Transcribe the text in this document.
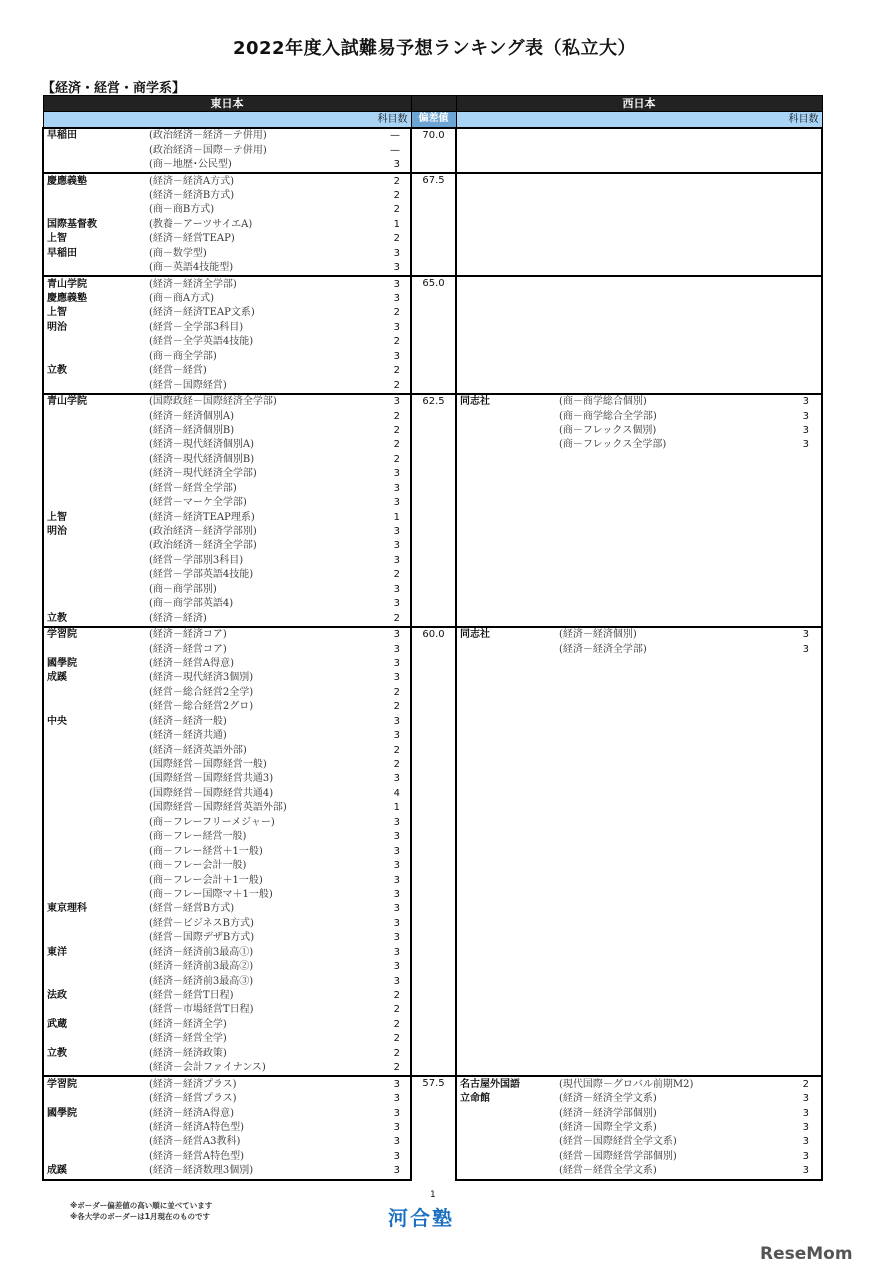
2022年度入試難易予想ランキング表（私立大）
【経済・経営・商学系】
東日本				西日本		
科目数			偏差値	科目数		
早稲田	(政治経済－経済－テ併用)	—	70.0			
	(政治経済－国際－テ併用)	—				
	(商－地歴･公民型)	3				
慶應義塾	(経済－経済A方式)	2	67.5			
	(経済－経済B方式)	2				
	(商－商B方式)	2				
国際基督教	(教養－アーツサイエA)	1				
上智	(経済－経営TEAP)	2				
早稲田	(商－数学型)	3				
	(商－英語4技能型)	3				
青山学院	(経済－経済全学部)	3	65.0			
慶應義塾	(商－商A方式)	3				
上智	(経済－経済TEAP文系)	2				
明治	(経営－全学部3科目)	3				
	(経営－全学英語4技能)	2				
	(商－商全学部)	3				
立教	(経営－経営)	2				
	(経営－国際経営)	2				
青山学院	(国際政経－国際経済全学部)	3	62.5	同志社	(商－商学総合個別)	3
	(経済－経済個別A)	2			(商－商学総合全学部)	3
	(経済－経済個別B)	2			(商－フレックス個別)	3
	(経済－現代経済個別A)	2			(商－フレックス全学部)	3
	(経済－現代経済個別B)	2				
	(経済－現代経済全学部)	3				
	(経営－経営全学部)	3				
	(経営－マーケ全学部)	3				
上智	(経済－経済TEAP理系)	1				
明治	(政治経済－経済学部別)	3				
	(政治経済－経済全学部)	3				
	(経営－学部別3科目)	3				
	(経営－学部英語4技能)	2				
	(商－商学部別)	3				
	(商－商学部英語4)	3				
立教	(経済－経済)	2				
学習院	(経済－経済コア)	3	60.0	同志社	(経済－経済個別)	3
	(経済－経営コア)	3			(経済－経済全学部)	3
國學院	(経済－経営A得意)	3				
成蹊	(経済－現代経済3個別)	3				
	(経営－総合経営2全学)	2				
	(経営－総合経営2グロ)	2				
中央	(経済－経済一般)	3				
	(経済－経済共通)	3				
	(経済－経済英語外部)	2				
	(国際経営－国際経営一般)	2				
	(国際経営－国際経営共通3)	3				
	(国際経営－国際経営共通4)	4				
	(国際経営－国際経営英語外部)	1				
	(商－フレーフリーメジャー)	3				
	(商－フレー経営一般)	3				
	(商－フレー経営＋1一般)	3				
	(商－フレー会計一般)	3				
	(商－フレー会計＋1一般)	3				
	(商－フレー国際マ＋1一般)	3				
東京理科	(経営－経営B方式)	3				
	(経営－ビジネスB方式)	3				
	(経営－国際デザB方式)	3				
東洋	(経済－経済前3最高①)	3				
	(経済－経済前3最高②)	3				
	(経済－経済前3最高③)	3				
法政	(経営－経営T日程)	2				
	(経営－市場経営T日程)	2				
武蔵	(経済－経済全学)	2				
	(経済－経営全学)	2				
立教	(経済－経済政策)	2				
	(経済－会計ファイナンス)	2				
学習院	(経済－経済プラス)	3	57.5	名古屋外国語	(現代国際－グロバル前期M2)	2
	(経済－経営プラス)	3		立命館	(経済－経済全学文系)	3
國學院	(経済－経済A得意)	3			(経済－経済学部個別)	3
	(経済－経済A特色型)	3			(経済－国際全学文系)	3
	(経済－経営A3教科)	3			(経営－国際経営全学文系)	3
	(経済－経営A特色型)	3			(経営－国際経営学部個別)	3
成蹊	(経済－経済数理3個別)	3			(経営－経営全学文系)	3
※ボーダー偏差値の高い順に並べています
※各大学のボーダーは1月現在のものです
1
河合塾
ReseMom
